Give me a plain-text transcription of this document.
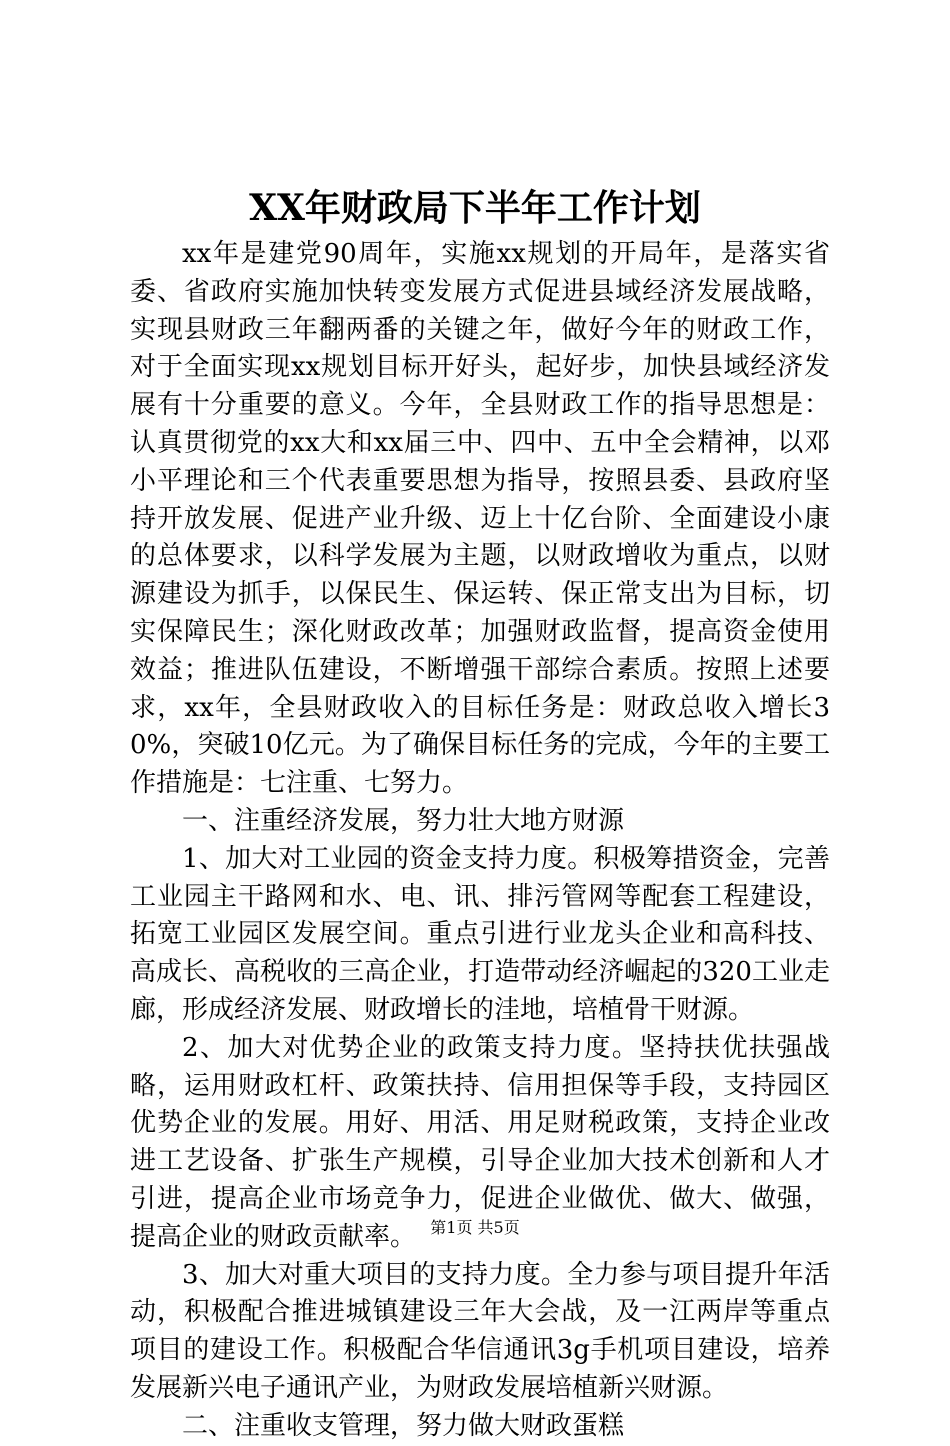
XX年财政局下半年工作计划

xx年是建党90周年，实施xx规划的开局年，是落实省委、省政府实施加快转变发展方式促进县域经济发展战略，实现县财政三年翻两番的关键之年，做好今年的财政工作，对于全面实现xx规划目标开好头，起好步，加快县域经济发展有十分重要的意义。今年，全县财政工作的指导思想是：认真贯彻党的xx大和xx届三中、四中、五中全会精神，以邓小平理论和三个代表重要思想为指导，按照县委、县政府坚持开放发展、促进产业升级、迈上十亿台阶、全面建设小康的总体要求，以科学发展为主题，以财政增收为重点，以财源建设为抓手，以保民生、保运转、保正常支出为目标，切实保障民生；深化财政改革；加强财政监督，提高资金使用效益；推进队伍建设，不断增强干部综合素质。按照上述要求，xx年，全县财政收入的目标任务是：财政总收入增长30%，突破10亿元。为了确保目标任务的完成，今年的主要工作措施是：七注重、七努力。

一、注重经济发展，努力壮大地方财源

1、加大对工业园的资金支持力度。积极筹措资金，完善工业园主干路网和水、电、讯、排污管网等配套工程建设，拓宽工业园区发展空间。重点引进行业龙头企业和高科技、高成长、高税收的三高企业，打造带动经济崛起的320工业走廊，形成经济发展、财政增长的洼地，培植骨干财源。

2、加大对优势企业的政策支持力度。坚持扶优扶强战略，运用财政杠杆、政策扶持、信用担保等手段，支持园区优势企业的发展。用好、用活、用足财税政策，支持企业改进工艺设备、扩张生产规模，引导企业加大技术创新和人才引进，提高企业市场竞争力，促进企业做优、做大、做强，提高企业的财政贡献率。

3、加大对重大项目的支持力度。全力参与项目提升年活动，积极配合推进城镇建设三年大会战，及一江两岸等重点项目的建设工作。积极配合华信通讯3g手机项目建设，培养发展新兴电子通讯产业，为财政发展培植新兴财源。

二、注重收支管理，努力做大财政蛋糕

第1页 共5页
